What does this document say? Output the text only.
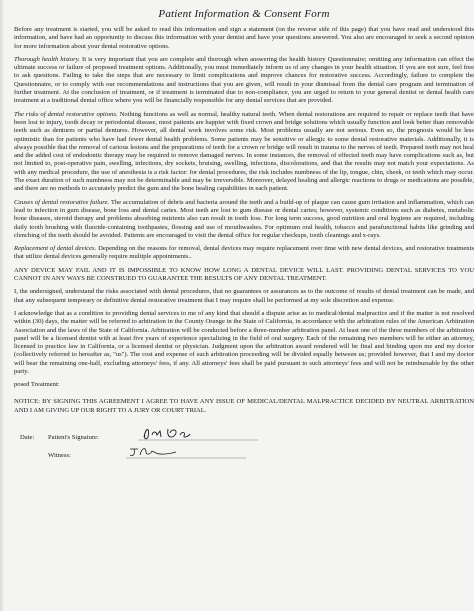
Patient Information & Consent Form

Before any treatment is started, you will be asked to read this information and sign a statement (on the reverse side of this page) that you have read and understood this information, and have had an opportunity to discuss this information with your dentist and have your questions answered. You also are encouraged to seek a second opinion for more information about your dental restorative options.

Thorough health history. It is very important that you are complete and thorough when answering the health history Questionnaire; omitting any information can effect the ultimate success or failure of proposed treatment options. Additionally, you must immediately inform us of any changes in your health situation. If you are not sure, feel free to ask questions. Failing to take the steps that are necessary to limit complications and improve chances for restorative success. Accordingly, failure to complete the Questionnaire, or to comply with our recommendations and instructions that you are given, will result in your dismissal from the dental care program and termination of further treatment. At the conclusion of treatment, or if treatment is terminated due to non-compliance, you are urged to return to your general dentist or dental health care treatment at a traditional dental office where you will be financially responsible for any dental services that are provided.

The risks of dental restorative options. Nothing functions as well as normal, healthy natural teeth. When dental restorations are required to repair or replace teeth that have been lost to injury, tooth decay or periodontal disease, most patients are happier with fixed crown and bridge solutions which usually function and look better than removable teeth such as dentures or partial dentures. However, all dental work involves some risk. Most problems usually are not serious. Even so, the prognosis would be less optimistic than for patients who have had fewer dental health problems. Some patients may be sensitive or allergic to some dental restorative materials. Additionally, it is always possible that the removal of carious lesions and the preparations of teeth for a crown or bridge will result in trauma to the nerves of teeth. Prepared teeth may not heal and the added cost of endodontic therapy may be required to remove damaged nerves. In some instances, the removal of effected teeth may have complications such as, but not limited to, post-operative pain, swelling, infections, dry sockets, bruising, swelling, infections, discolorations, and that the results may not match your expectations. As with any medical procedure, the use of anesthesia is a risk factor: for dental procedures, the risk includes numbness of the lip, tongue, chin, cheek, or teeth which may occur. The exact duration of such numbness may not be determinable and may be irreversible. Moreover, delayed healing and allergic reactions to drugs or medications are possible, and there are no methods to accurately predict the gum and the bone healing capabilities in each patient.

Causes of dental restorative failure. The accumulation of debris and bacteria around the teeth and a build-up of plaque can cause gum irritation and inflammation, which can lead to infection in gum disease, bone loss and dental caries. Most teeth are lost to gum disease or dental caries; however, systemic conditions such as diabetes, metabolic bone diseases, steroid therapy and problems absorbing nutrients also can result in tooth loss. For long term success, good nutrition and oral hygiene are required, including daily tooth brushing with fluoride-containing toothpastes, flossing and use of mouthwashes. For optimum oral health, tobacco and parafunctional habits like grinding and clenching of the teeth should be avoided. Patients are encouraged to visit the dental office for regular checkups, tooth cleanings and x-rays.

Replacement of dental devices. Depending on the reasons for removal, dental devices may require replacement over time with new dental devices, and restorative treatments that utilize dental devices generally require multiple appointments..

ANY DEVICE MAY FAIL AND IT IS IMPOSSIBLE TO KNOW HOW LONG A DENTAL DEVICE WILL LAST. PROVIDING DENTAL SERVICES TO YOU CANNOT IN ANY WAYS BE CONSTRUED TO GUARANTEE THE RESULTS OF ANY DENTAL TREATMENT.

I, the undersigned, understand the risks associated with dental procedures, that no guarantees or assurances as to the outcome of results of dental treatment can be made, and that any subsequent temporary or definitive dental restorative treatment that I may require shall be performed at my sole discretion and expense.

I acknowledge that as a condition to providing dental services to me of any kind that should a dispute arise as to medical/dental malpractice and if the matter is not resolved within (30) days, the matter will be referred to arbitration in the County Orange in the State of California, in accordance with the arbitration rules of the American Arbitration Association and the laws of the State of California. Arbitration will be conducted before a three-member arbitration panel. At least one of the three members of the arbitration panel will be a licensed dentist with at least five years of experience specializing in the field of oral surgery. Each of the remaining two members will be either an attorney, licensed to practice law in California, or a licensed dentist or physician. Judgment upon the arbitration award rendered will be final and binding upon me and my doctor (collectively referred to hereafter as, "us"). The cost and expense of such arbitration proceeding will be divided equally between us; provided however, that I and my doctor will bear the remaining one-half, excluding attorneys' fees, if any. All attorneys' fees shall be paid pursuant to such attorneys' fees and will not be reimbursable by the other party.

posed Treatment:
NOTICE: BY SIGNING THIS AGREEMENT I AGREE TO HAVE ANY ISSUE OF MEDICAL/DENTAL MALPRACTICE DECIDED BY NEUTRAL ARBITRATION AND I AM GIVING UP OUR RIGHT TO A JURY OR COURT TRIAL.
Date:	Patient's Signature:
Witness:
